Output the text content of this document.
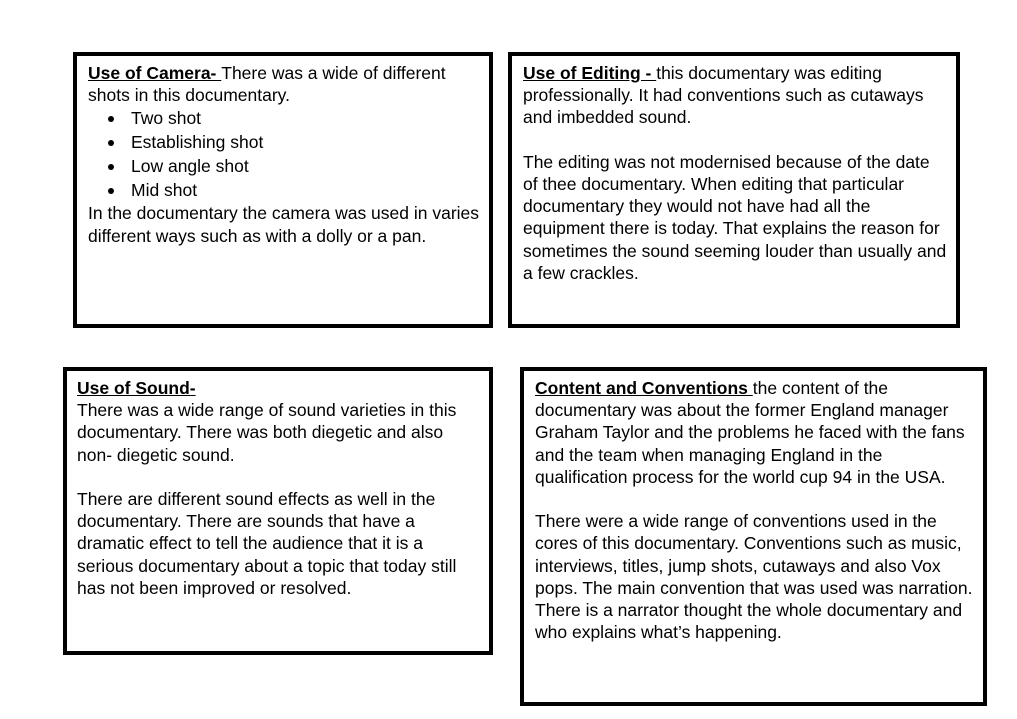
Use of Camera- There was a wide of different shots in this documentary.

Two shot
Establishing shot
Low angle shot
Mid shot

In the documentary the camera was used in varies different ways such as with a dolly or a pan.

Use of Editing - this documentary was editing professionally. It had conventions such as cutaways and imbedded sound.

The editing was not modernised because of the date of thee documentary. When editing that particular documentary they would not have had all the equipment there is today. That explains the reason for sometimes the sound seeming louder than usually and a few crackles.

Use of Sound-

There was a wide range of sound varieties in this documentary. There was both diegetic and also non- diegetic sound.

There are different sound effects as well in the documentary. There are sounds that have a dramatic effect to tell the audience that it is a serious documentary about a topic that today still has not been improved or resolved.

Content and Conventions the content of the documentary was about the former England manager Graham Taylor and the problems he faced with the fans and the team when managing England in the qualification process for the world cup 94 in the USA.

There were a wide range of conventions used in the cores of this documentary. Conventions such as music, interviews, titles, jump shots, cutaways and also Vox pops. The main convention that was used was narration. There is a narrator thought the whole documentary and who explains what’s happening.
